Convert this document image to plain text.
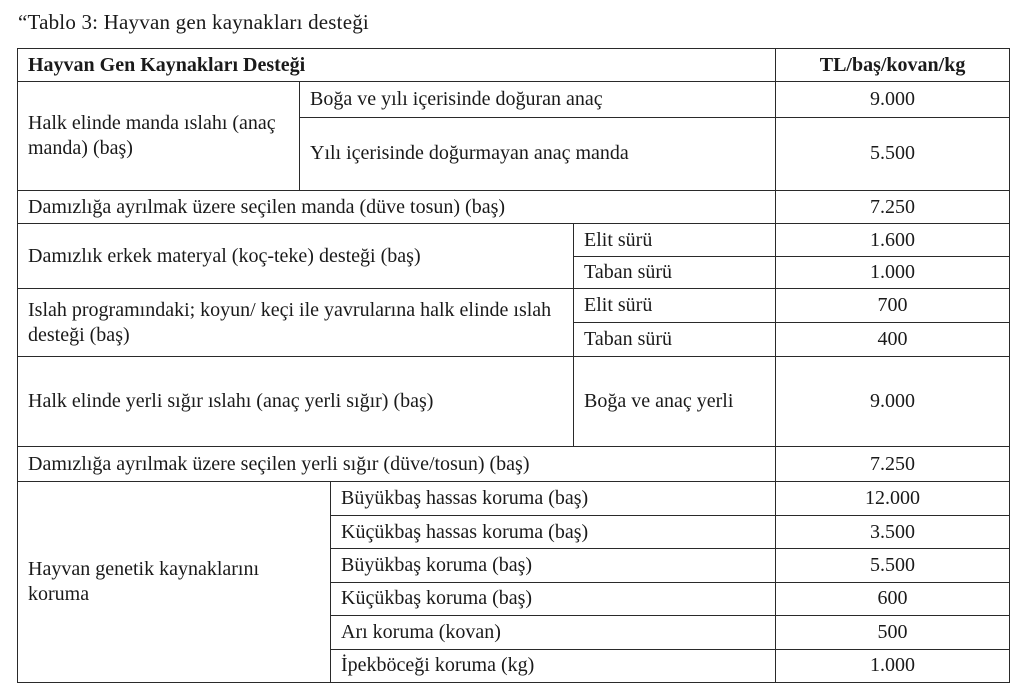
“Tablo 3: Hayvan gen kaynakları desteği
Hayvan Gen Kaynakları Desteği				TL/baş/kovan/kg
Halk elinde manda ıslahı (anaç manda) (baş)	Boğa ve yılı içerisinde doğuran anaç			9.000
	Yılı içerisinde doğurmayan anaç manda			5.500
Damızlığa ayrılmak üzere seçilen manda (düve tosun) (baş)				7.250
Damızlık erkek materyal (koç-teke) desteği (baş)			Elit sürü	1.600
			Taban sürü	1.000
Islah programındaki; koyun/ keçi ile yavrularına halk elinde ıslah desteği (baş)			Elit sürü	700
			Taban sürü	400
Halk elinde yerli sığır ıslahı (anaç yerli sığır) (baş)			Boğa ve anaç yerli	9.000
Damızlığa ayrılmak üzere seçilen yerli sığır (düve/tosun) (baş)				7.250
Hayvan genetik kaynaklarını koruma		Büyükbaş hassas koruma (baş)		12.000
		Küçükbaş hassas koruma (baş)		3.500
		Büyükbaş koruma (baş)		5.500
		Küçükbaş koruma (baş)		600
		Arı koruma (kovan)		500
		İpekböceği koruma (kg)		1.000
